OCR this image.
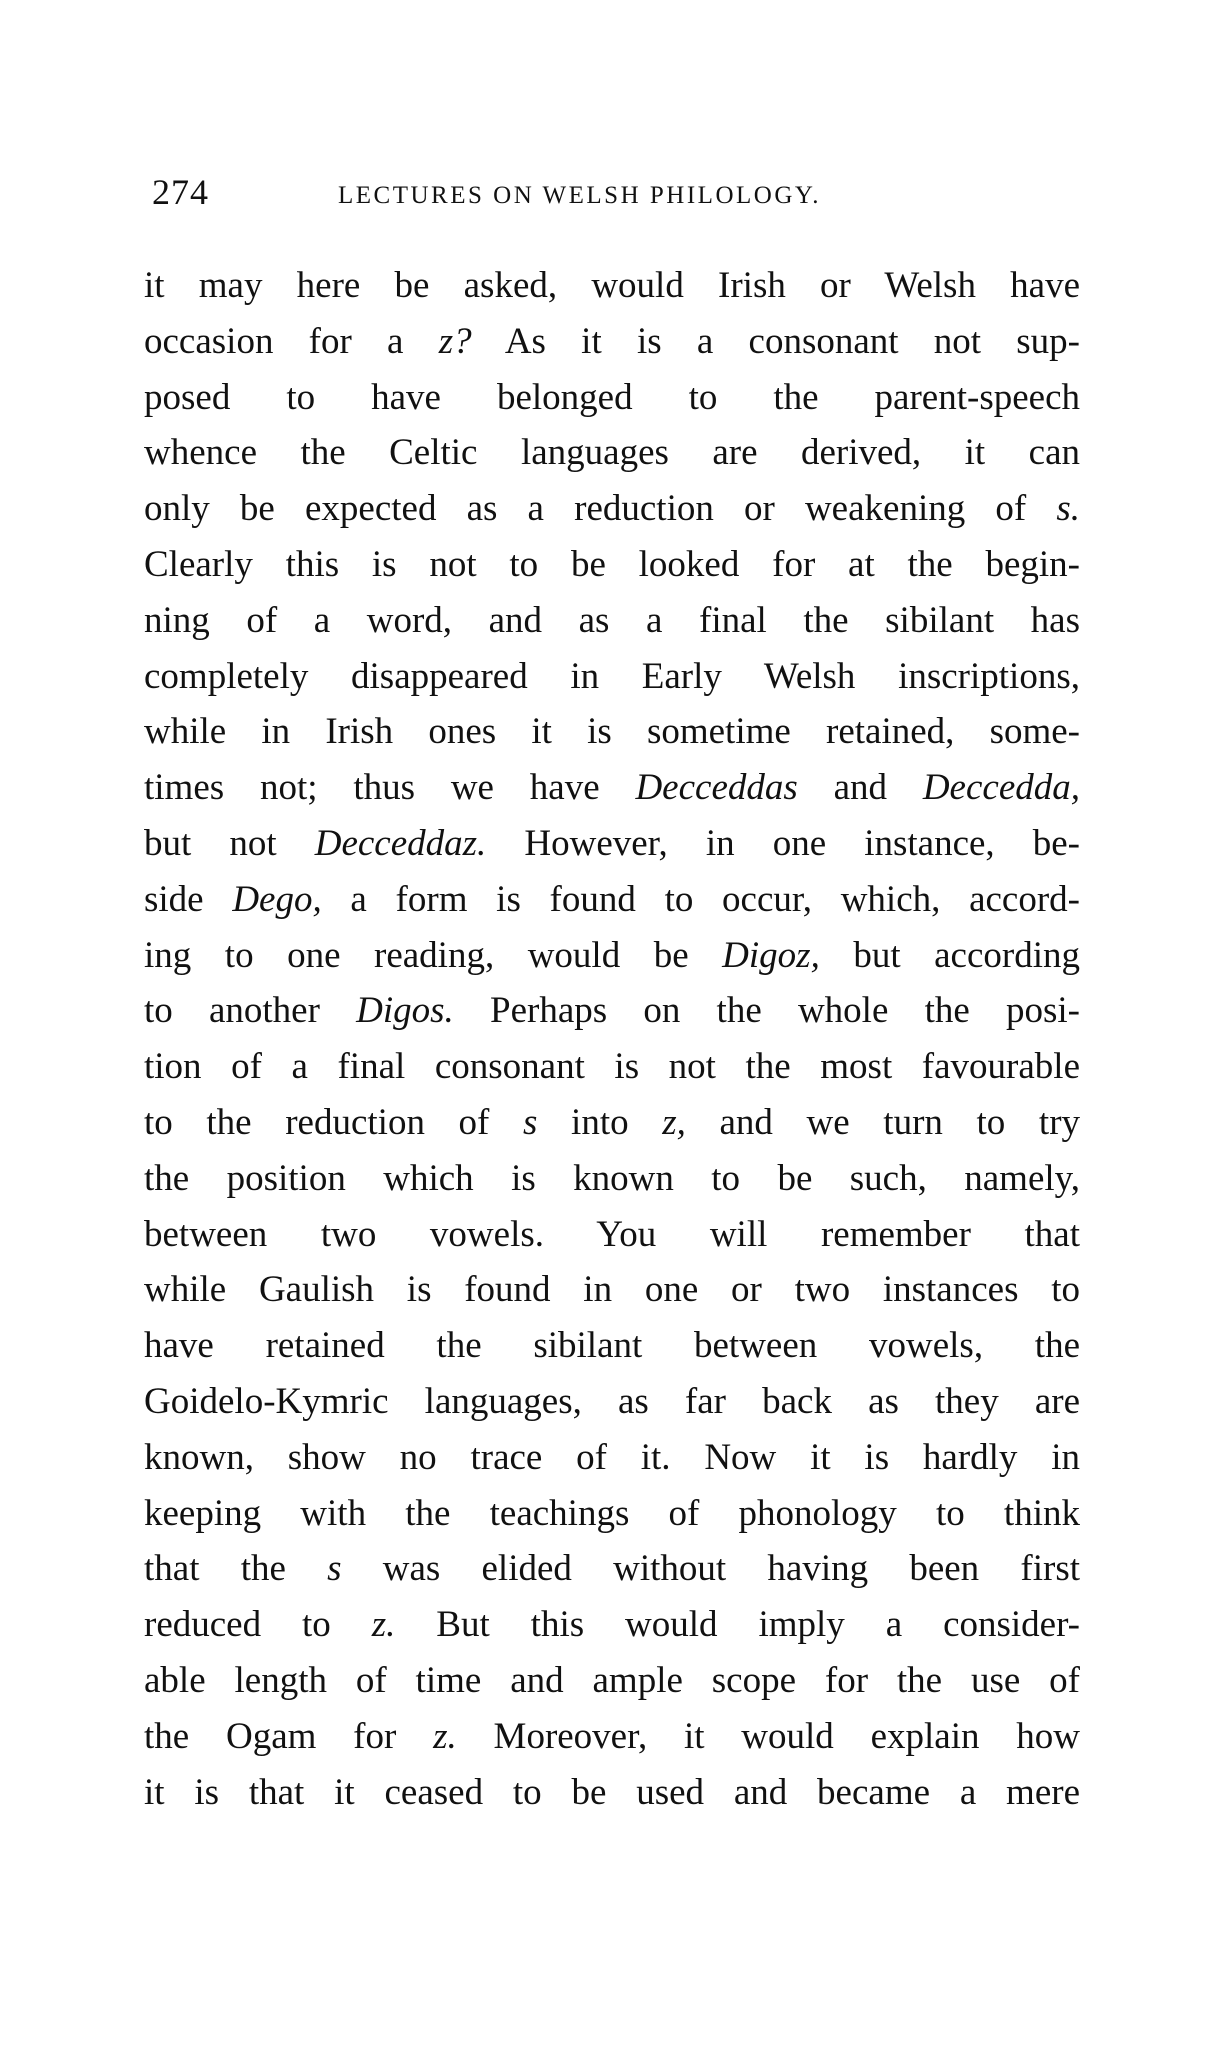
274	LECTURES ON WELSH PHILOLOGY.
it may here be asked, would Irish or Welsh have
occasion for a z? As it is a consonant not sup-
posed to have belonged to the parent-speech
whence the Celtic languages are derived, it can
only be expected as a reduction or weakening of s.
Clearly this is not to be looked for at the begin-
ning of a word, and as a final the sibilant has
completely disappeared in Early Welsh inscriptions,
while in Irish ones it is sometime retained, some-
times not; thus we have Decceddas and Deccedda,
but not Decceddaz. However, in one instance, be-
side Dego, a form is found to occur, which, accord-
ing to one reading, would be Digoz, but according
to another Digos. Perhaps on the whole the posi-
tion of a final consonant is not the most favourable
to the reduction of s into z, and we turn to try
the position which is known to be such, namely,
between two vowels. You will remember that
while Gaulish is found in one or two instances to
have retained the sibilant between vowels, the
Goidelo-Kymric languages, as far back as they are
known, show no trace of it. Now it is hardly in
keeping with the teachings of phonology to think
that the s was elided without having been first
reduced to z. But this would imply a consider-
able length of time and ample scope for the use of
the Ogam for z. Moreover, it would explain how
it is that it ceased to be used and became a mere
